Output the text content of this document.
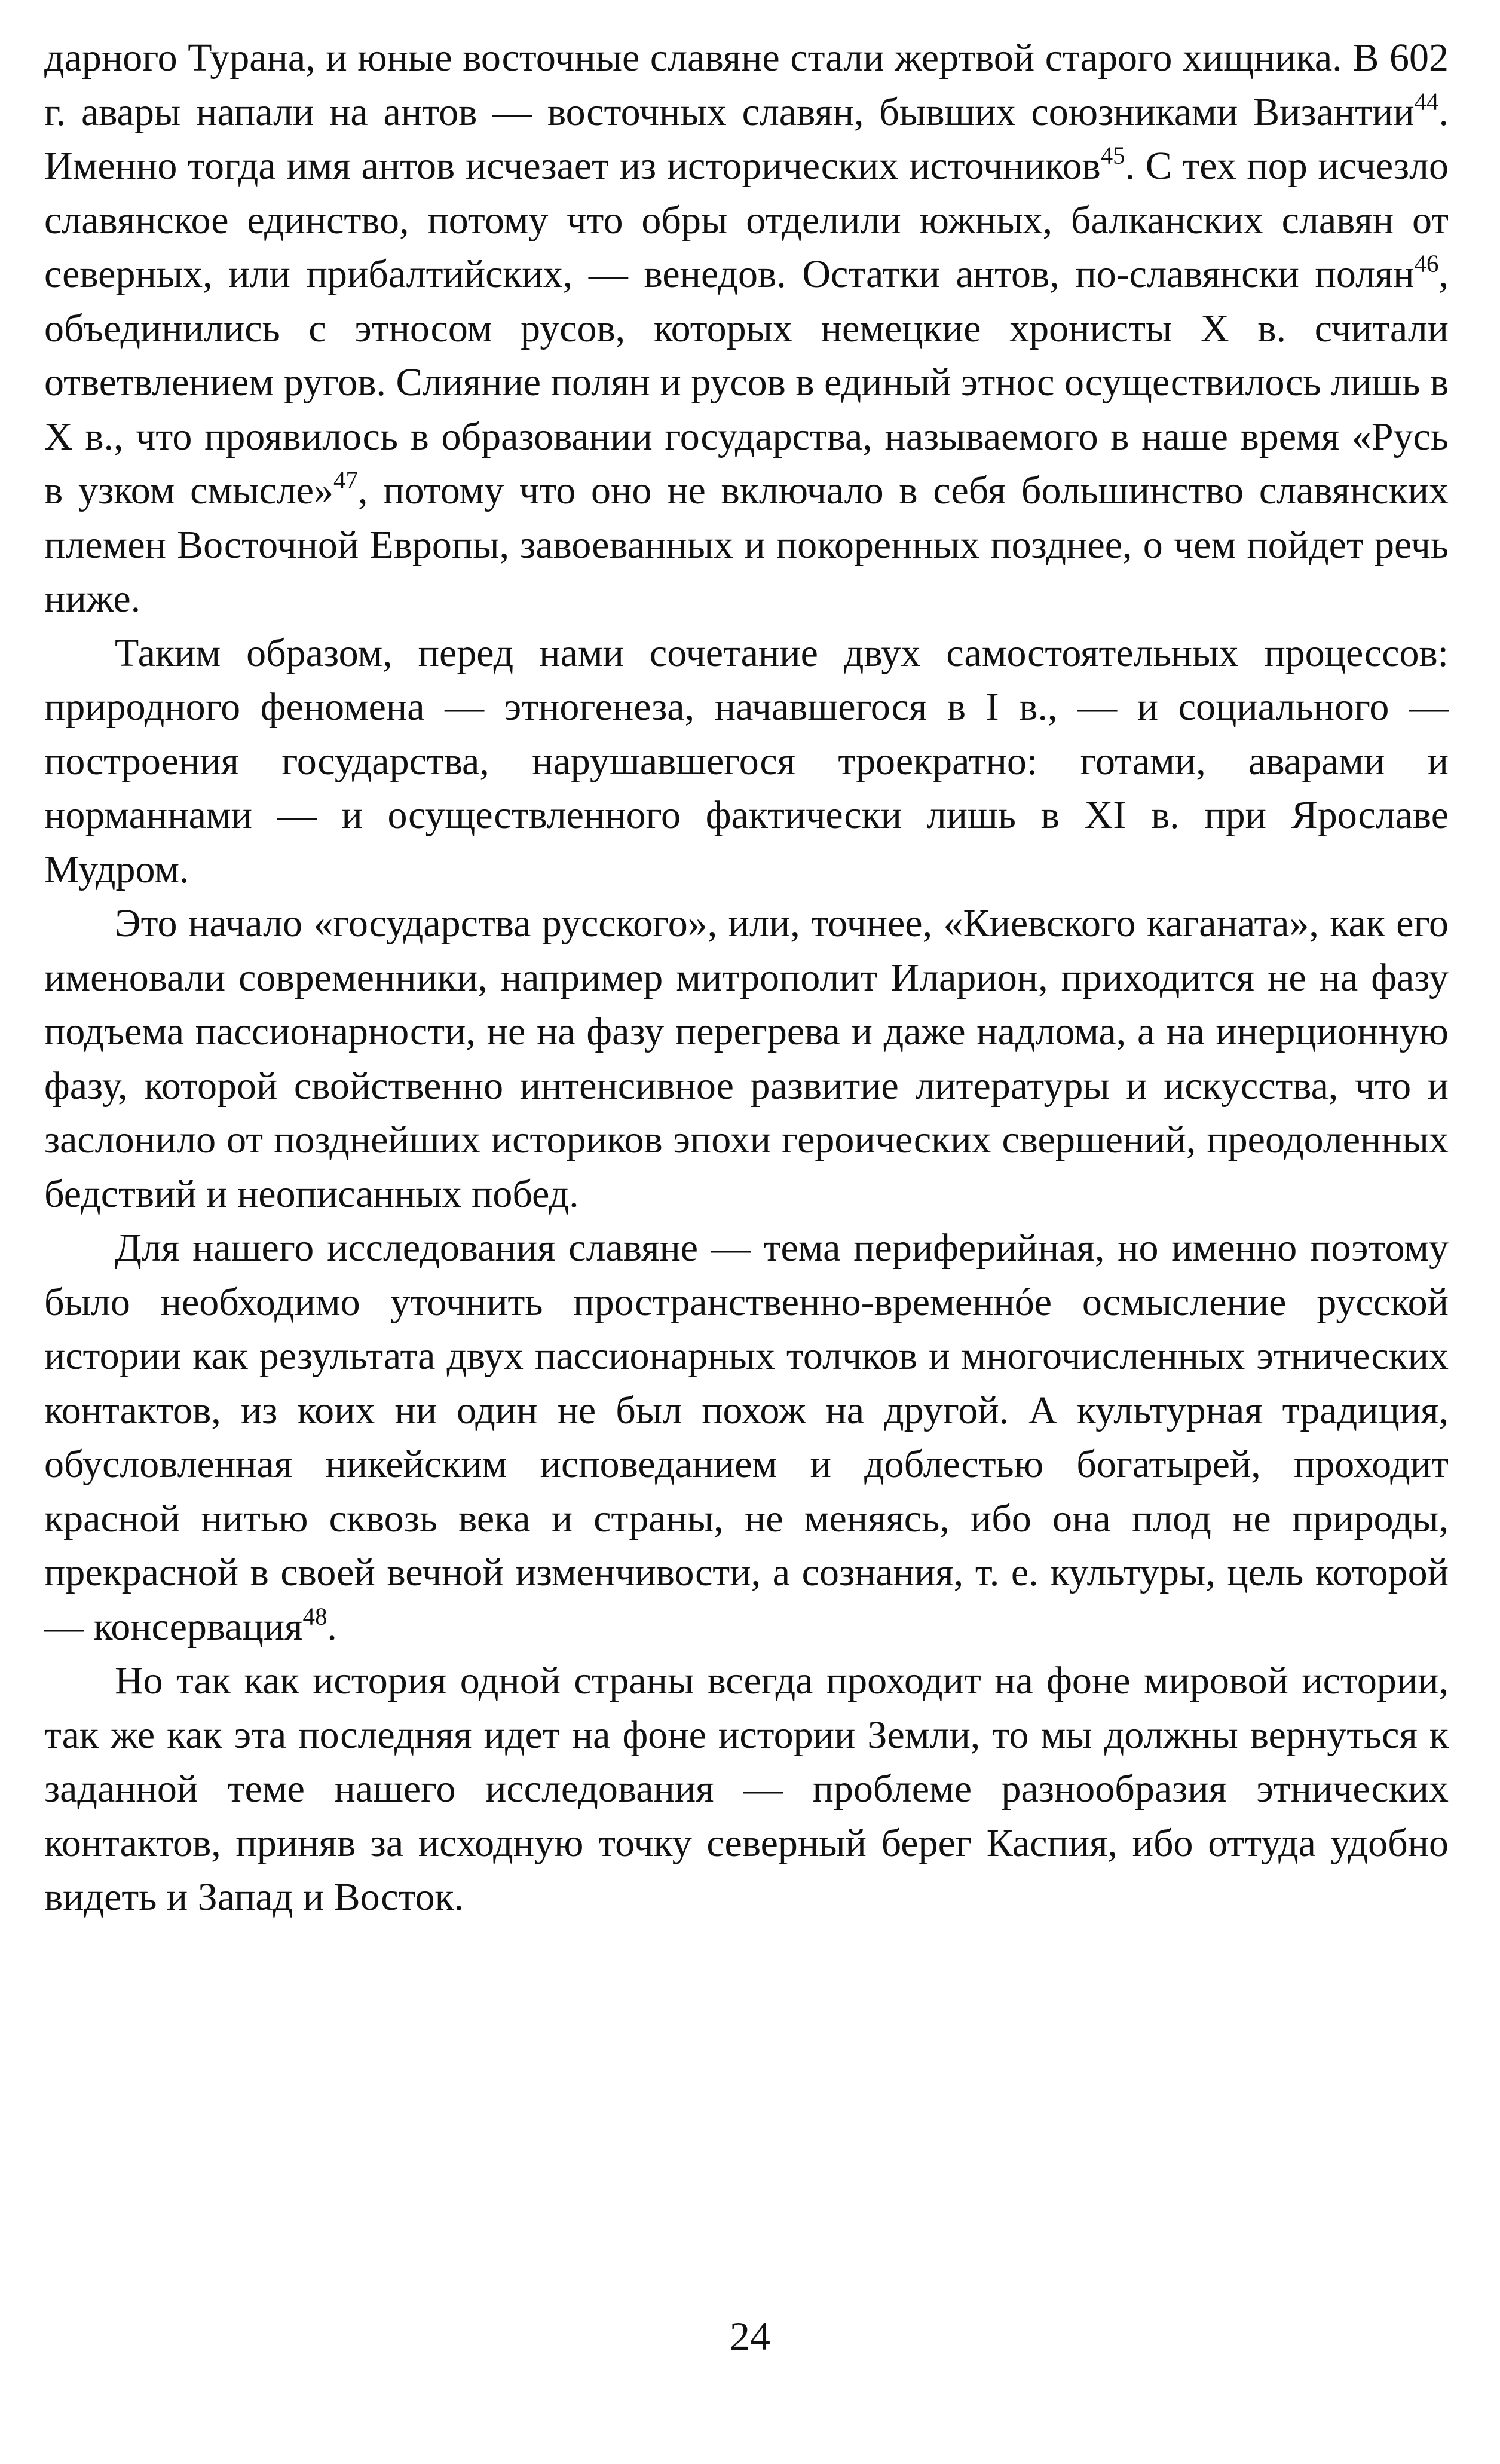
дарного Турана, и юные восточные славяне стали жертвой старого хищника. В 602 г. авары напали на антов — восточных славян, бывших союзниками Византии$^{44}$. Именно тогда имя антов исчезает из исторических источников$^{45}$. С тех пор исчезло славянское единство, потому что обры отделили южных, балканских славян от северных, или прибалтийских, — венедов. Остатки антов, по-славянски полян$^{46}$, объединились с этносом русов, которых немецкие хронисты X в. считали ответвлением ругов. Слияние полян и русов в единый этнос осуществилось лишь в X в., что проявилось в образовании государства, называемого в наше время «Русь в узком смысле»$^{47}$, потому что оно не включало в себя большинство славянских племен Восточной Европы, завоеванных и покоренных позднее, о чем пойдет речь ниже.

Таким образом, перед нами сочетание двух самостоятельных процессов: природного феномена — этногенеза, начавшегося в I в., — и социального — построения государства, нарушавшегося троекратно: готами, аварами и норманнами — и осуществленного фактически лишь в XI в. при Ярославе Мудром.

Это начало «государства русского», или, точнее, «Киевского каганата», как его именовали современники, например митрополит Иларион, приходится не на фазу подъема пассионарности, не на фазу перегрева и даже надлома, а на инерционную фазу, которой свойственно интенсивное развитие литературы и искусства, что и заслонило от позднейших историков эпохи героических свершений, преодоленных бедствий и неописанных побед.

Для нашего исследования славяне — тема периферийная, но именно поэтому было необходимо уточнить пространственно-временнóе осмысление русской истории как результата двух пассионарных толчков и многочисленных этнических контактов, из коих ни один не был похож на другой. А культурная традиция, обусловленная никейским исповеданием и доблестью богатырей, проходит красной нитью сквозь века и страны, не меняясь, ибо она плод не природы, прекрасной в своей вечной изменчивости, а сознания, т. е. культуры, цель которой — консервация$^{48}$.

Но так как история одной страны всегда проходит на фоне мировой истории, так же как эта последняя идет на фоне истории Земли, то мы должны вернуться к заданной теме нашего исследования — проблеме разнообразия этнических контактов, приняв за исходную точку северный берег Каспия, ибо оттуда удобно видеть и Запад и Восток.

24
